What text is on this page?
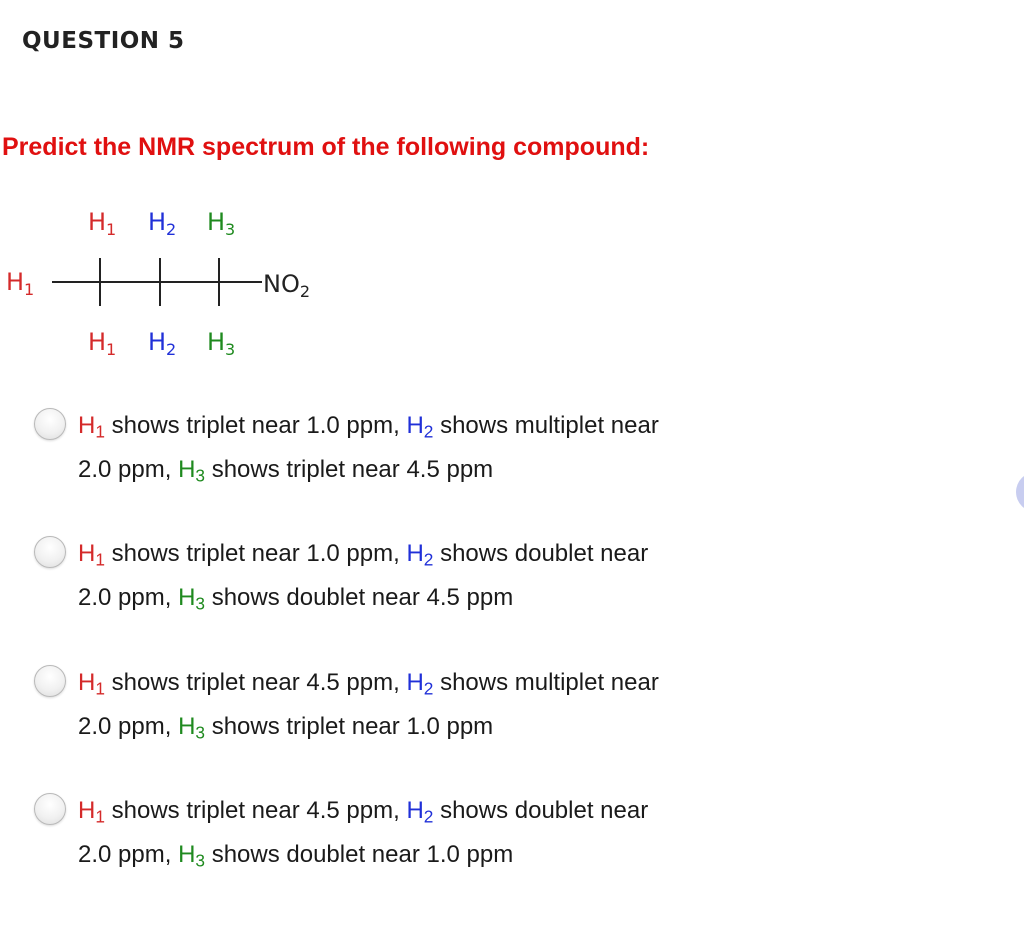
QUESTION 5
Predict the NMR spectrum of the following compound:
$H_1$ $H_2$ $H_3$
$H_1$	$NO_2$
$H_1$ $H_2$ $H_3$
$H_1$ shows triplet near 1.0 ppm, $H_2$ shows multiplet near
2.0 ppm, $H_3$ shows triplet near 4.5 ppm
$H_1$ shows triplet near 1.0 ppm, $H_2$ shows doublet near
2.0 ppm, $H_3$ shows doublet near 4.5 ppm
$H_1$ shows triplet near 4.5 ppm, $H_2$ shows multiplet near
2.0 ppm, $H_3$ shows triplet near 1.0 ppm
$H_1$ shows triplet near 4.5 ppm, $H_2$ shows doublet near
2.0 ppm, $H_3$ shows doublet near 1.0 ppm
